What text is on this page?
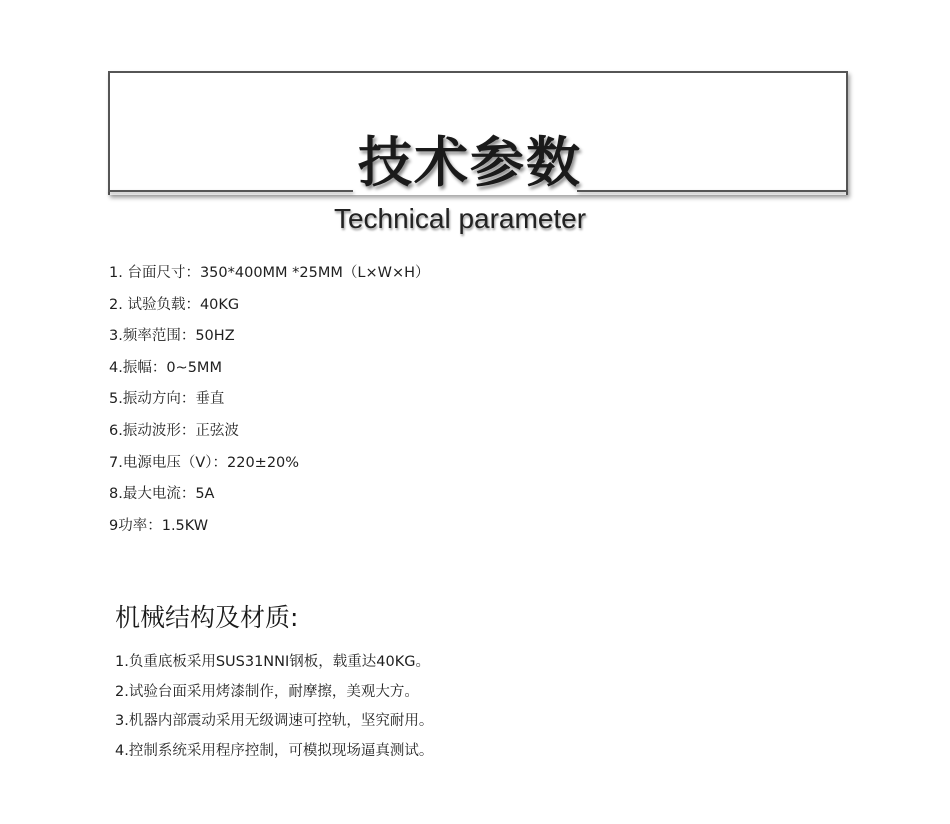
技术参数
Technical parameter
1. 台面尺寸：350*400MM *25MM（L×W×H）
2. 试验负载：40KG
3.频率范围：50HZ
4.振幅：0~5MM
5.振动方向：垂直
6.振动波形：正弦波
7.电源电压（V）：220±20%
8.最大电流：5A
9功率：1.5KW
机械结构及材质:
1.负重底板采用SUS31NNI钢板，载重达40KG。
2.试验台面采用烤漆制作，耐摩擦，美观大方。
3.机器内部震动采用无级调速可控轨，坚究耐用。
4.控制系统采用程序控制，可模拟现场逼真测试。
